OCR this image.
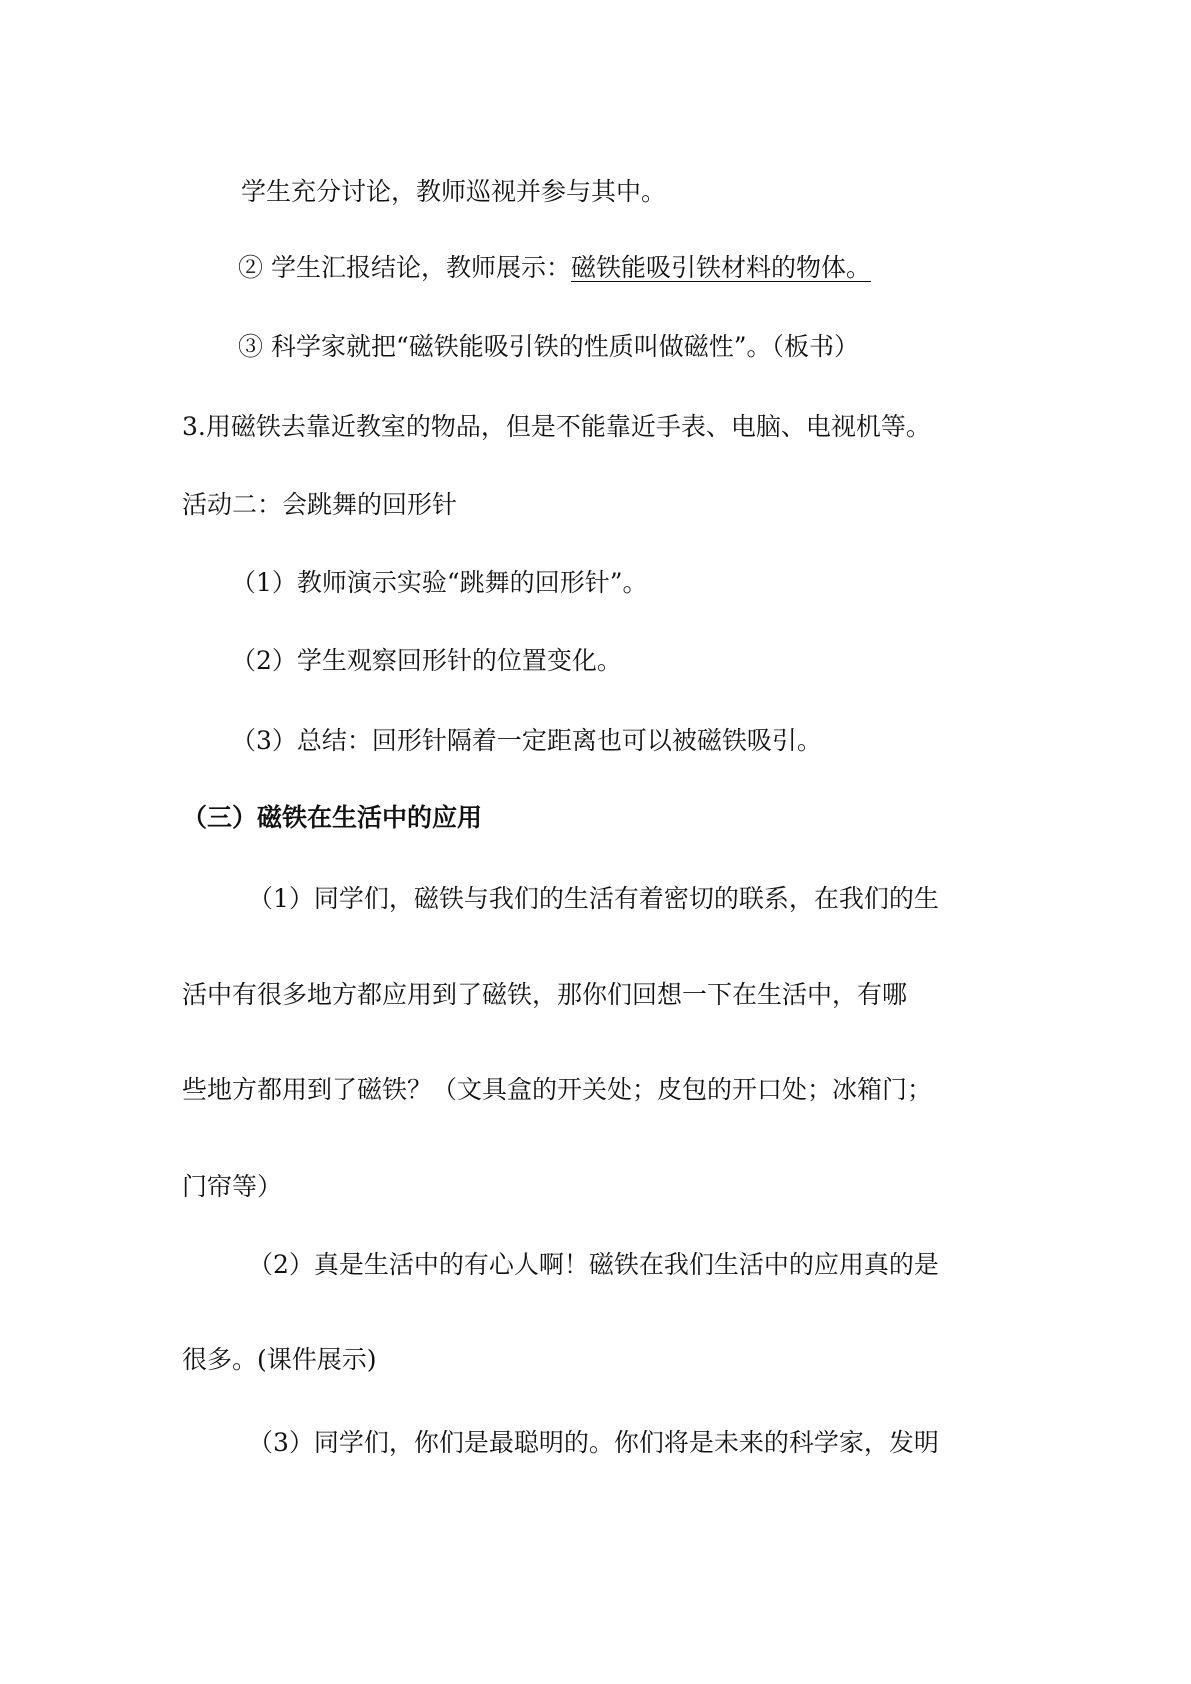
学生充分讨论，教师巡视并参与其中。

② 学生汇报结论，教师展示：磁铁能吸引铁材料的物体。

③ 科学家就把“磁铁能吸引铁的性质叫做磁性”。（板书）

3.用磁铁去靠近教室的物品，但是不能靠近手表、电脑、电视机等。

活动二：会跳舞的回形针

（1）教师演示实验“跳舞的回形针”。

（2）学生观察回形针的位置变化。

（3）总结：回形针隔着一定距离也可以被磁铁吸引。

（三）磁铁在生活中的应用

（1）同学们，磁铁与我们的生活有着密切的联系，在我们的生

活中有很多地方都应用到了磁铁，那你们回想一下在生活中，有哪

些地方都用到了磁铁？（文具盒的开关处；皮包的开口处；冰箱门；

门帘等）

（2）真是生活中的有心人啊！磁铁在我们生活中的应用真的是

很多。(课件展示)

（3）同学们，你们是最聪明的。你们将是未来的科学家，发明
